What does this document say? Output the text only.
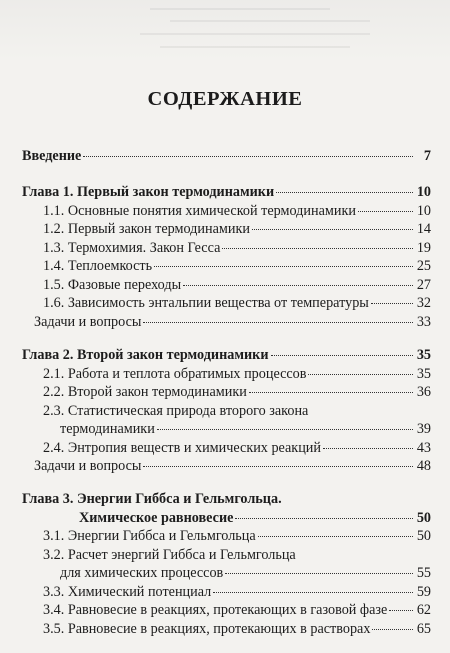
СОДЕРЖАНИЕ
Введение	7
Глава 1. Первый закон термодинамики	10
1.1. Основные понятия химической термодинамики	10
1.2. Первый закон термодинамики	14
1.3. Термохимия. Закон Гесса	19
1.4. Теплоемкость	25
1.5. Фазовые переходы	27
1.6. Зависимость энтальпии вещества от температуры	32
Задачи и вопросы	33
Глава 2. Второй закон термодинамики	35
2.1. Работа и теплота обратимых процессов	35
2.2. Второй закон термодинамики	36
2.3. Статистическая природа второго закона
термодинамики	39
2.4. Энтропия веществ и химических реакций	43
Задачи и вопросы	48
Глава 3. Энергии Гиббса и Гельмгольца.
Химическое равновесие	50
3.1. Энергии Гиббса и Гельмгольца	50
3.2. Расчет энергий Гиббса и Гельмгольца
для химических процессов	55
3.3. Химический потенциал	59
3.4. Равновесие в реакциях, протекающих в газовой фазе 62
3.5. Равновесие в реакциях, протекающих в растворах	65
